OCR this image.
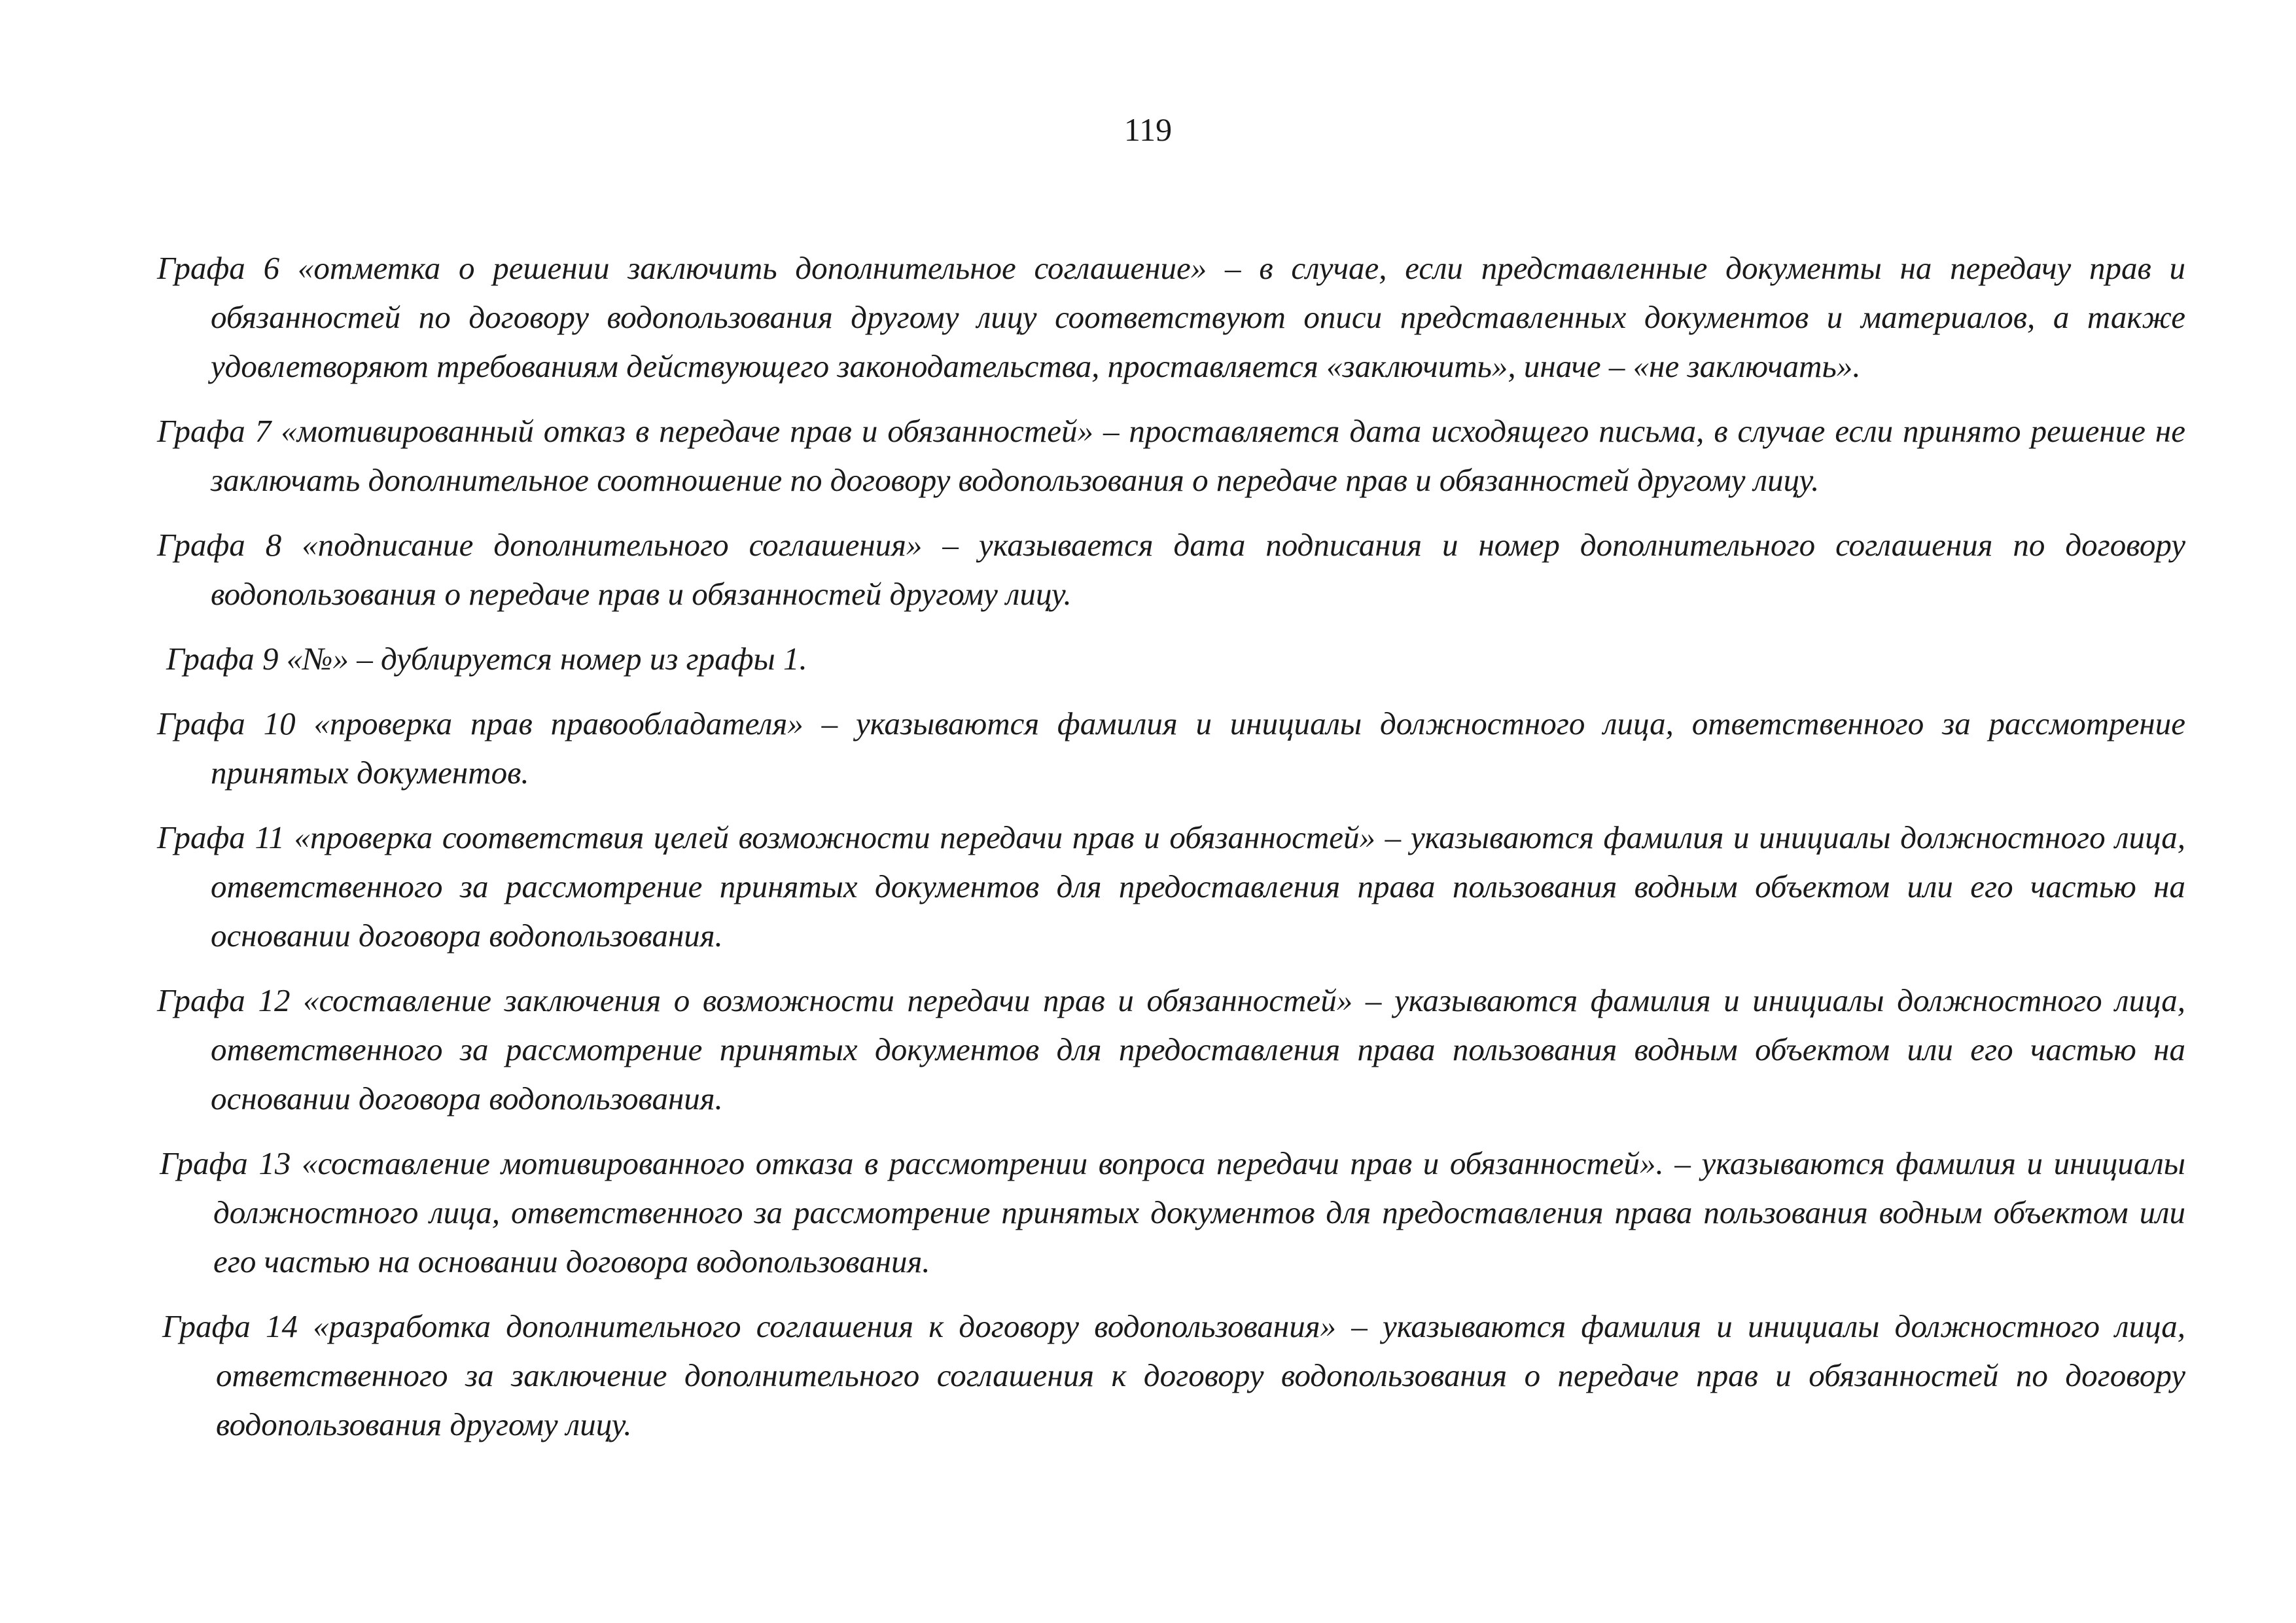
119

Графа 6 «отметка о решении заключить дополнительное соглашение» – в случае, если представленные документы на передачу прав и обязанностей по договору водопользования другому лицу соответствуют описи представленных документов и материалов, а также удовлетворяют требованиям действующего законодательства, проставляется «заключить», иначе – «не заключать».

Графа 7 «мотивированный отказ в передаче прав и обязанностей» – проставляется дата исходящего письма, в случае если принято решение не заключать дополнительное соотношение по договору водопользования о передаче прав и обязанностей другому лицу.

Графа 8 «подписание дополнительного соглашения» – указывается дата подписания и номер дополнительного соглашения по договору водопользования о передаче прав и обязанностей другому лицу.

Графа 9 «№» – дублируется номер из графы 1.

Графа 10 «проверка прав правообладателя» – указываются фамилия и инициалы должностного лица, ответственного за рассмотрение принятых документов.

Графа 11 «проверка соответствия целей возможности передачи прав и обязанностей» – указываются фамилия и инициалы должностного лица, ответственного за рассмотрение принятых документов для предоставления права пользования водным объектом или его частью на основании договора водопользования.

Графа 12 «составление заключения о возможности передачи прав и обязанностей» – указываются фамилия и инициалы должностного лица, ответственного за рассмотрение принятых документов для предоставления права пользования водным объектом или его частью на основании договора водопользования.

Графа 13 «составление мотивированного отказа в рассмотрении вопроса передачи прав и обязанностей». – указываются фамилия и инициалы должностного лица, ответственного за рассмотрение принятых документов для предоставления права пользования водным объектом или его частью на основании договора водопользования.

Графа 14 «разработка дополнительного соглашения к договору водопользования» – указываются фамилия и инициалы должностного лица, ответственного за заключение дополнительного соглашения к договору водопользования о передаче прав и обязанностей по договору водопользования другому лицу.
